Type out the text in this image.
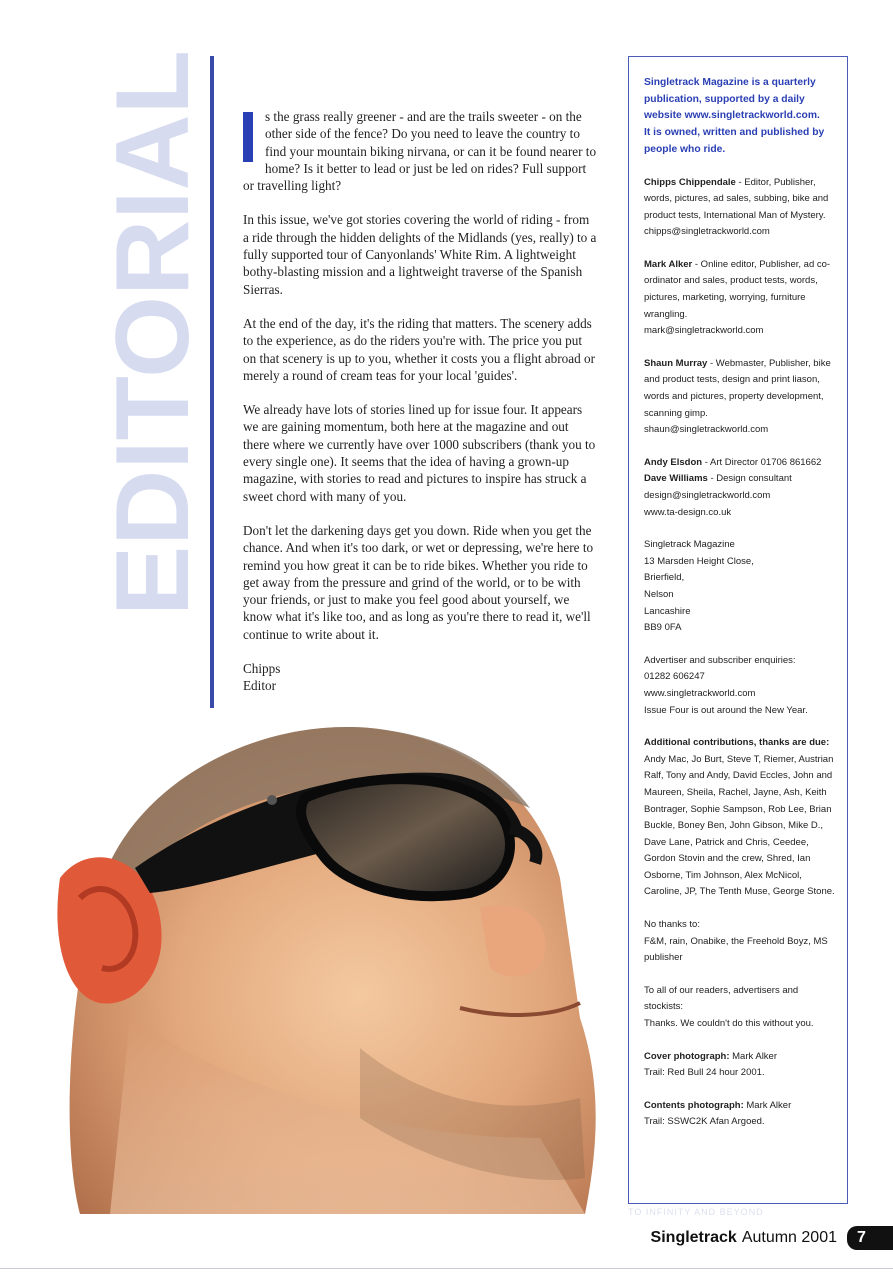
EDITORIAL	s the grass really greener - and are the trails sweeter - on the other side of the fence? Do you need to leave the country to find your mountain biking nirvana, or can it be found nearer to home? Is it better to lead or just be led on rides? Full support or travelling light?

In this issue, we've got stories covering the world of riding - from a ride through the hidden delights of the Midlands (yes, really) to a fully supported tour of Canyonlands' White Rim. A lightweight bothy-blasting mission and a lightweight traverse of the Spanish Sierras.

At the end of the day, it's the riding that matters. The scenery adds to the experience, as do the riders you're with. The price you put on that scenery is up to you, whether it costs you a flight abroad or merely a round of cream teas for your local 'guides'.

We already have lots of stories lined up for issue four. It appears we are gaining momentum, both here at the magazine and out there where we currently have over 1000 subscribers (thank you to every single one). It seems that the idea of having a grown-up magazine, with stories to read and pictures to inspire has struck a sweet chord with many of you.

Don't let the darkening days get you down. Ride when you get the chance. And when it's too dark, or wet or depressing, we're here to remind you how great it can be to ride bikes. Whether you ride to get away from the pressure and grind of the world, or to be with your friends, or just to make you feel good about yourself, we know what it's like too, and as long as you're there to read it, we'll continue to write about it.

Chipps
Editor
Singletrack Magazine is a quarterly publication, supported by a daily website www.singletrackworld.com.
It is owned, written and published by people who ride.
Chipps Chippendale - Editor, Publisher, words, pictures, ad sales, subbing, bike and product tests, International Man of Mystery.
chipps@singletrackworld.com
Mark Alker - Online editor, Publisher, ad co-ordinator and sales, product tests, words, pictures, marketing, worrying, furniture wrangling.
mark@singletrackworld.com
Shaun Murray - Webmaster, Publisher, bike and product tests, design and print liason, words and pictures, property development, scanning gimp.
shaun@singletrackworld.com
Andy Elsdon - Art Director 01706 861662
Dave Williams - Design consultant
design@singletrackworld.com
www.ta-design.co.uk
Singletrack Magazine
13 Marsden Height Close,
Brierfield,
Nelson
Lancashire
BB9 0FA
Advertiser and subscriber enquiries:
01282 606247
www.singletrackworld.com
Issue Four is out around the New Year.
Additional contributions, thanks are due:
Andy Mac, Jo Burt, Steve T, Riemer, Austrian Ralf, Tony and Andy, David Eccles, John and Maureen, Sheila, Rachel, Jayne, Ash, Keith Bontrager, Sophie Sampson, Rob Lee, Brian Buckle, Boney Ben, John Gibson, Mike D., Dave Lane, Patrick and Chris, Ceedee, Gordon Stovin and the crew, Shred, Ian Osborne, Tim Johnson, Alex McNicol, Caroline, JP, The Tenth Muse, George Stone.
No thanks to:
F&M, rain, Onabike, the Freehold Boyz, MS publisher
To all of our readers, advertisers and stockists:
Thanks. We couldn't do this without you.
Cover photograph: Mark Alker
Trail: Red Bull 24 hour 2001.
Contents photograph: Mark Alker
Trail: SSWC2K Afan Argoed.
TO INFINITY AND BEYOND
Singletrack Autumn 2001	7
